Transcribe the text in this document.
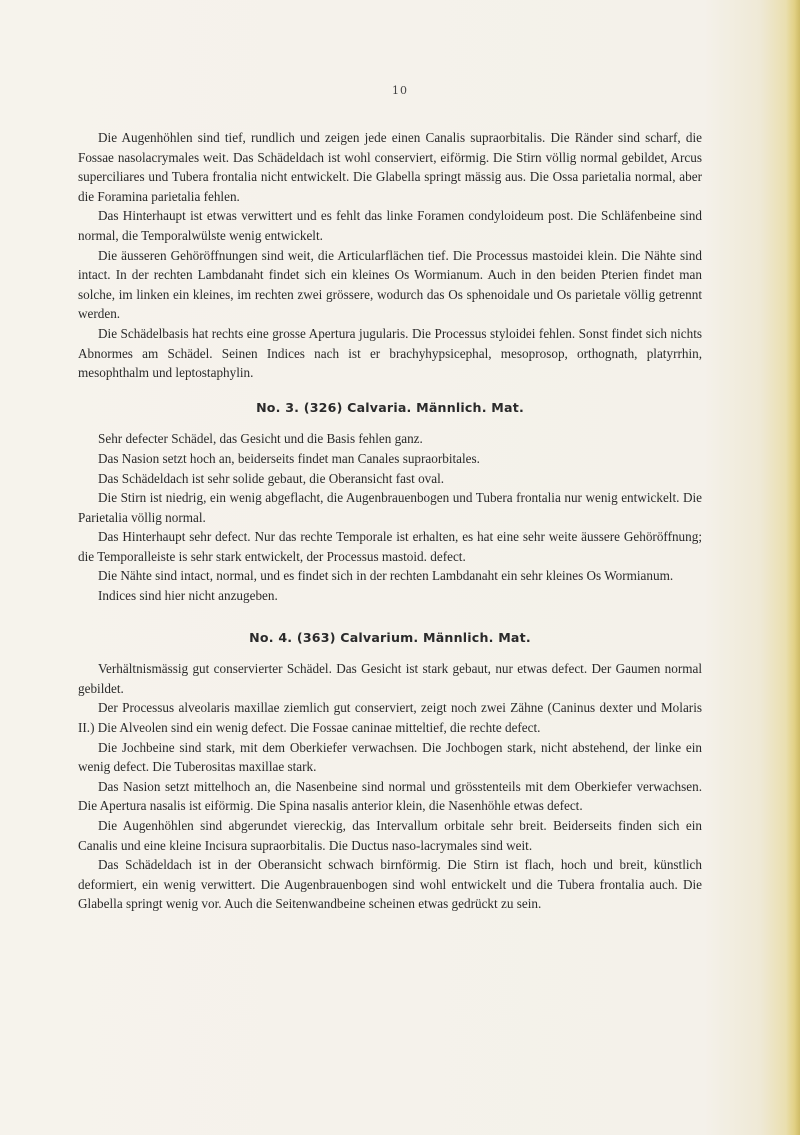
10

Die Augenhöhlen sind tief, rundlich und zeigen jede einen Canalis supraorbitalis. Die Ränder sind scharf, die Fossae nasolacrymales weit. Das Schädeldach ist wohl conserviert, eiförmig. Die Stirn völlig normal gebildet, Arcus superciliares und Tubera frontalia nicht entwickelt. Die Glabella springt mässig aus. Die Ossa parietalia normal, aber die Foramina parietalia fehlen.

Das Hinterhaupt ist etwas verwittert und es fehlt das linke Foramen condyloideum post. Die Schläfenbeine sind normal, die Temporalwülste wenig entwickelt.

Die äusseren Gehöröffnungen sind weit, die Articularflächen tief. Die Processus mastoidei klein. Die Nähte sind intact. In der rechten Lambdanaht findet sich ein kleines Os Wormianum. Auch in den beiden Pterien findet man solche, im linken ein kleines, im rechten zwei grössere, wodurch das Os sphenoidale und Os parietale völlig getrennt werden.

Die Schädelbasis hat rechts eine grosse Apertura jugularis. Die Processus styloidei fehlen. Sonst findet sich nichts Abnormes am Schädel. Seinen Indices nach ist er brachyhypsicephal, mesoprosop, orthognath, platyrrhin, mesophthalm und leptostaphylin.

No. 3. (326) Calvaria. Männlich. Mat.

Sehr defecter Schädel, das Gesicht und die Basis fehlen ganz.

Das Nasion setzt hoch an, beiderseits findet man Canales supraorbitales.

Das Schädeldach ist sehr solide gebaut, die Oberansicht fast oval.

Die Stirn ist niedrig, ein wenig abgeflacht, die Augenbrauenbogen und Tubera frontalia nur wenig entwickelt. Die Parietalia völlig normal.

Das Hinterhaupt sehr defect. Nur das rechte Temporale ist erhalten, es hat eine sehr weite äussere Gehöröffnung; die Temporalleiste is sehr stark entwickelt, der Processus mastoid. defect.

Die Nähte sind intact, normal, und es findet sich in der rechten Lambdanaht ein sehr kleines Os Wormianum.

Indices sind hier nicht anzugeben.

No. 4. (363) Calvarium. Männlich. Mat.

Verhältnismässig gut conservierter Schädel. Das Gesicht ist stark gebaut, nur etwas defect. Der Gaumen normal gebildet.

Der Processus alveolaris maxillae ziemlich gut conserviert, zeigt noch zwei Zähne (Caninus dexter und Molaris II.) Die Alveolen sind ein wenig defect. Die Fossae caninae mitteltief, die rechte defect.

Die Jochbeine sind stark, mit dem Oberkiefer verwachsen. Die Jochbogen stark, nicht abstehend, der linke ein wenig defect. Die Tuberositas maxillae stark.

Das Nasion setzt mittelhoch an, die Nasenbeine sind normal und grösstenteils mit dem Oberkiefer verwachsen. Die Apertura nasalis ist eiförmig. Die Spina nasalis anterior klein, die Nasenhöhle etwas defect.

Die Augenhöhlen sind abgerundet viereckig, das Intervallum orbitale sehr breit. Beiderseits finden sich ein Canalis und eine kleine Incisura supraorbitalis. Die Ductus naso-lacrymales sind weit.

Das Schädeldach ist in der Oberansicht schwach birnförmig. Die Stirn ist flach, hoch und breit, künstlich deformiert, ein wenig verwittert. Die Augenbrauenbogen sind wohl entwickelt und die Tubera frontalia auch. Die Glabella springt wenig vor. Auch die Seitenwandbeine scheinen etwas gedrückt zu sein.
